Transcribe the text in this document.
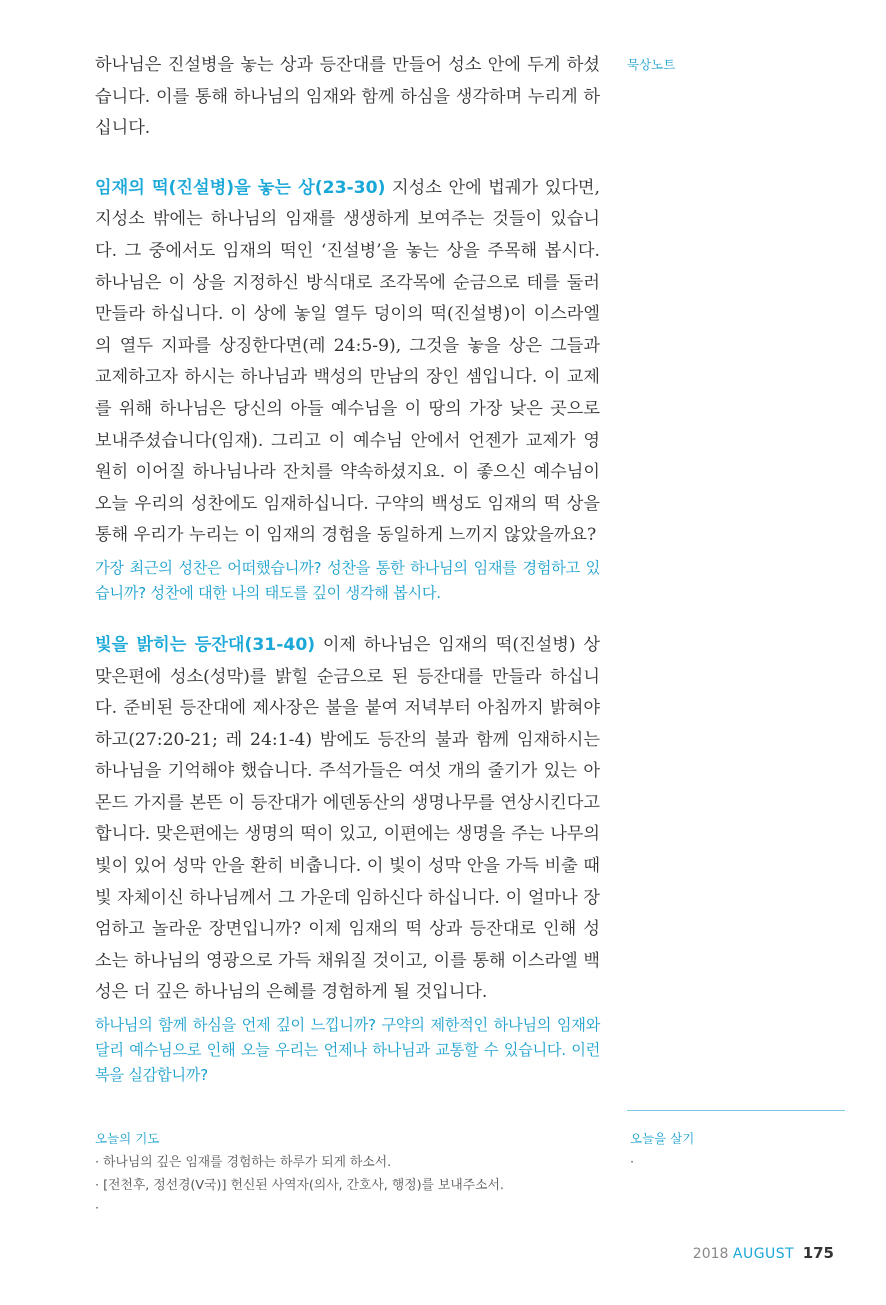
하나님은 진설병을 놓는 상과 등잔대를 만들어 성소 안에 두게 하셨습니다. 이를 통해 하나님의 임재와 함께 하심을 생각하며 누리게 하십니다.

임재의 떡(진설병)을 놓는 상(23-30) 지성소 안에 법궤가 있다면, 지성소 밖에는 하나님의 임재를 생생하게 보여주는 것들이 있습니다. 그 중에서도 임재의 떡인 ‘진설병’을 놓는 상을 주목해 봅시다. 하나님은 이 상을 지정하신 방식대로 조각목에 순금으로 테를 둘러 만들라 하십니다. 이 상에 놓일 열두 덩이의 떡(진설병)이 이스라엘의 열두 지파를 상징한다면(레 24:5-9), 그것을 놓을 상은 그들과 교제하고자 하시는 하나님과 백성의 만남의 장인 셈입니다. 이 교제를 위해 하나님은 당신의 아들 예수님을 이 땅의 가장 낮은 곳으로 보내주셨습니다(임재). 그리고 이 예수님 안에서 언젠가 교제가 영원히 이어질 하나님나라 잔치를 약속하셨지요. 이 좋으신 예수님이 오늘 우리의 성찬에도 임재하십니다. 구약의 백성도 임재의 떡 상을 통해 우리가 누리는 이 임재의 경험을 동일하게 느끼지 않았을까요?

가장 최근의 성찬은 어떠했습니까? 성찬을 통한 하나님의 임재를 경험하고 있습니까? 성찬에 대한 나의 태도를 깊이 생각해 봅시다.

빛을 밝히는 등잔대(31-40) 이제 하나님은 임재의 떡(진설병) 상 맞은편에 성소(성막)를 밝힐 순금으로 된 등잔대를 만들라 하십니다. 준비된 등잔대에 제사장은 불을 붙여 저녁부터 아침까지 밝혀야 하고(27:20-21; 레 24:1-4) 밤에도 등잔의 불과 함께 임재하시는 하나님을 기억해야 했습니다. 주석가들은 여섯 개의 줄기가 있는 아몬드 가지를 본뜬 이 등잔대가 에덴동산의 생명나무를 연상시킨다고 합니다. 맞은편에는 생명의 떡이 있고, 이편에는 생명을 주는 나무의 빛이 있어 성막 안을 환히 비춥니다. 이 빛이 성막 안을 가득 비출 때 빛 자체이신 하나님께서 그 가운데 임하신다 하십니다. 이 얼마나 장엄하고 놀라운 장면입니까? 이제 임재의 떡 상과 등잔대로 인해 성소는 하나님의 영광으로 가득 채워질 것이고, 이를 통해 이스라엘 백성은 더 깊은 하나님의 은혜를 경험하게 될 것입니다.

하나님의 함께 하심을 언제 깊이 느낍니까? 구약의 제한적인 하나님의 임재와 달리 예수님으로 인해 오늘 우리는 언제나 하나님과 교통할 수 있습니다. 이런 복을 실감합니까?

묵상노트
오늘의 기도
· 하나님의 깊은 임재를 경험하는 하루가 되게 하소서.
· [전천후, 정선경(V국)] 헌신된 사역자(의사, 간호사, 행정)를 보내주소서.
·
오늘을 살기
·
2018 AUGUST 175
